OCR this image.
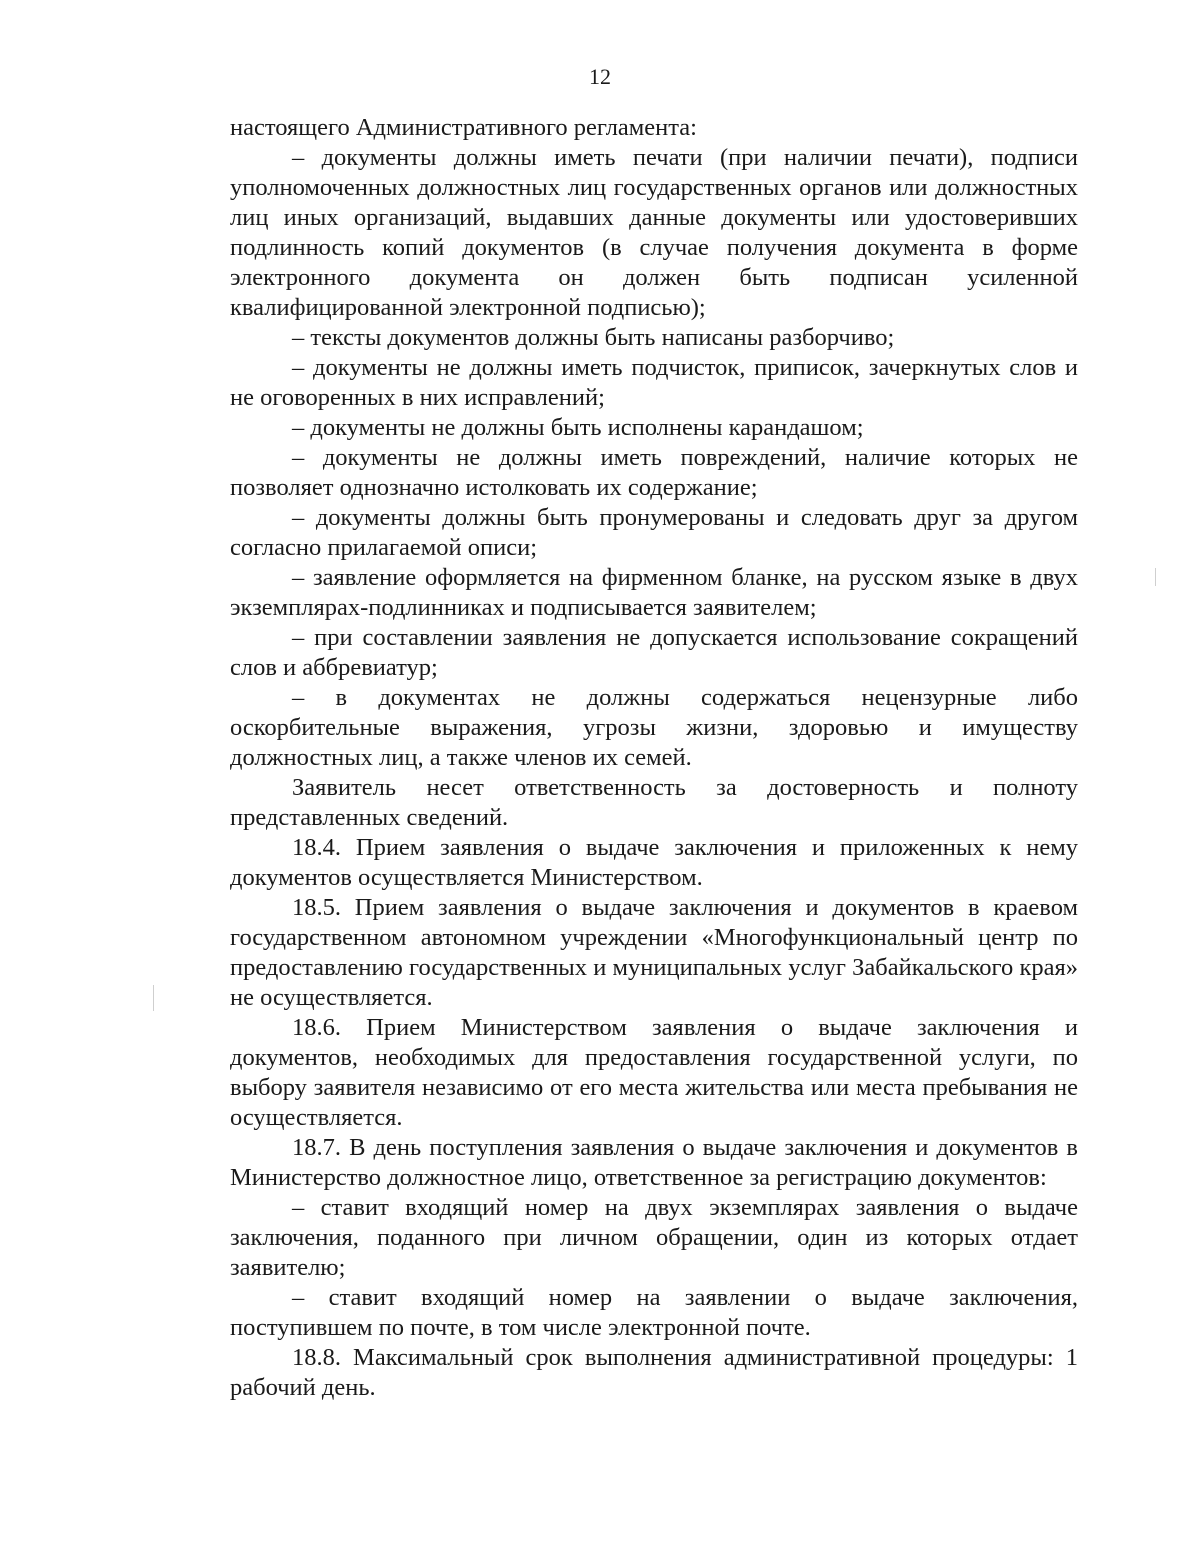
12

настоящего Административного регламента:

– документы должны иметь печати (при наличии печати), подписи уполномоченных должностных лиц государственных органов или должностных лиц иных организаций, выдавших данные документы или удостоверивших подлинность копий документов (в случае получения документа в форме электронного документа он должен быть подписан усиленной квалифицированной электронной подписью);

– тексты документов должны быть написаны разборчиво;

– документы не должны иметь подчисток, приписок, зачеркнутых слов и не оговоренных в них исправлений;

– документы не должны быть исполнены карандашом;

– документы не должны иметь повреждений, наличие которых не позволяет однозначно истолковать их содержание;

– документы должны быть пронумерованы и следовать друг за другом согласно прилагаемой описи;

– заявление оформляется на фирменном бланке, на русском языке в двух экземплярах-подлинниках и подписывается заявителем;

– при составлении заявления не допускается использование сокращений слов и аббревиатур;

– в документах не должны содержаться нецензурные либо оскорбительные выражения, угрозы жизни, здоровью и имуществу должностных лиц, а также членов их семей.

Заявитель несет ответственность за достоверность и полноту представленных сведений.

18.4. Прием заявления о выдаче заключения и приложенных к нему документов осуществляется Министерством.

18.5. Прием заявления о выдаче заключения и документов в краевом государственном автономном учреждении «Многофункциональный центр по предоставлению государственных и муниципальных услуг Забайкальского края» не осуществляется.

18.6. Прием Министерством заявления о выдаче заключения и документов, необходимых для предоставления государственной услуги, по выбору заявителя независимо от его места жительства или места пребывания не осуществляется.

18.7. В день поступления заявления о выдаче заключения и документов в Министерство должностное лицо, ответственное за регистрацию документов:

– ставит входящий номер на двух экземплярах заявления о выдаче заключения, поданного при личном обращении, один из которых отдает заявителю;

– ставит входящий номер на заявлении о выдаче заключения, поступившем по почте, в том числе электронной почте.

18.8. Максимальный срок выполнения административной процедуры: 1 рабочий день.
